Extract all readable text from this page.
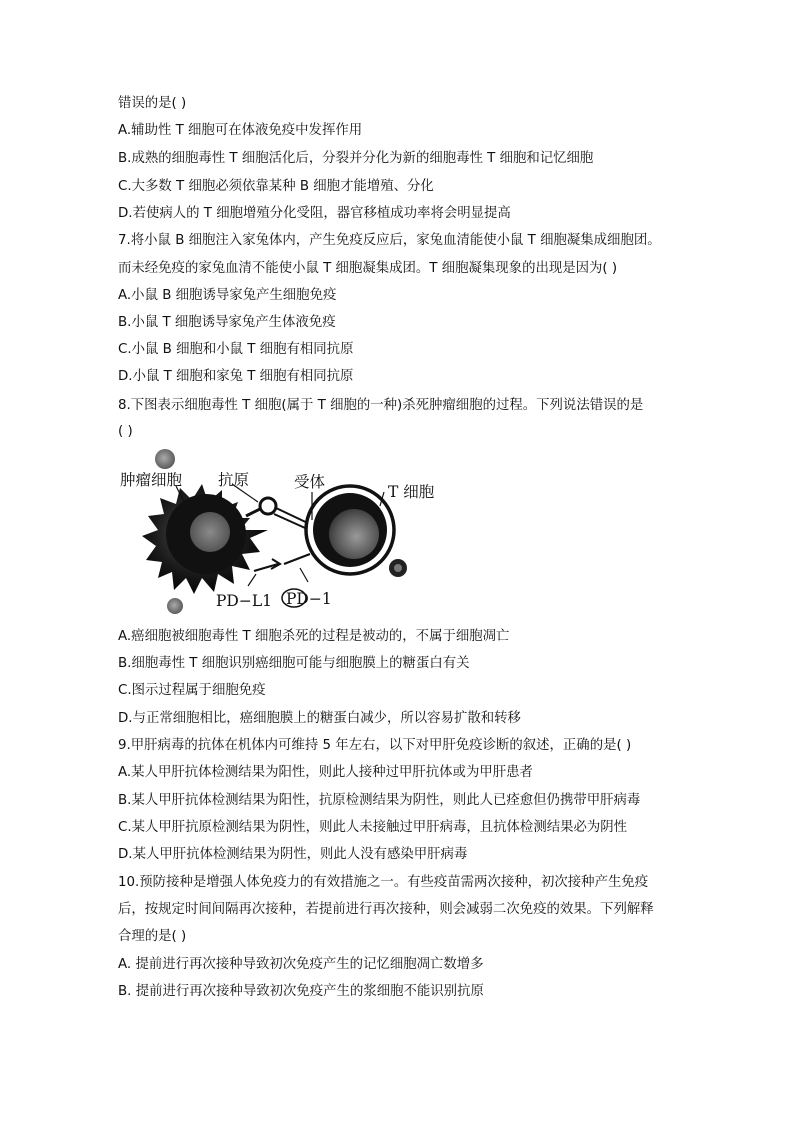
错误的是( )
A.辅助性 T 细胞可在体液免疫中发挥作用
B.成熟的细胞毒性 T 细胞活化后，分裂并分化为新的细胞毒性 T 细胞和记忆细胞
C.大多数 T 细胞必须依靠某种 B 细胞才能增殖、分化
D.若使病人的 T 细胞增殖分化受阻，器官移植成功率将会明显提高
7.将小鼠 B 细胞注入家兔体内，产生免疫反应后，家兔血清能使小鼠 T 细胞凝集成细胞团。
而未经免疫的家兔血清不能使小鼠 T 细胞凝集成团。T 细胞凝集现象的出现是因为( )
A.小鼠 B 细胞诱导家兔产生细胞免疫
B.小鼠 T 细胞诱导家兔产生体液免疫
C.小鼠 B 细胞和小鼠 T 细胞有相同抗原
D.小鼠 T 细胞和家兔 T 细胞有相同抗原
8.下图表示细胞毒性 T 细胞(属于 T 细胞的一种)杀死肿瘤细胞的过程。下列说法错误的是
( )
肿瘤细胞 抗原	受体
T 细胞
PD−L1 PD−1
A.癌细胞被细胞毒性 T 细胞杀死的过程是被动的，不属于细胞凋亡
B.细胞毒性 T 细胞识别癌细胞可能与细胞膜上的糖蛋白有关
C.图示过程属于细胞免疫
D.与正常细胞相比，癌细胞膜上的糖蛋白减少，所以容易扩散和转移
9.甲肝病毒的抗体在机体内可维持 5 年左右，以下对甲肝免疫诊断的叙述，正确的是( )
A.某人甲肝抗体检测结果为阳性，则此人接种过甲肝抗体或为甲肝患者
B.某人甲肝抗体检测结果为阳性，抗原检测结果为阴性，则此人已痊愈但仍携带甲肝病毒
C.某人甲肝抗原检测结果为阴性，则此人未接触过甲肝病毒，且抗体检测结果必为阴性
D.某人甲肝抗体检测结果为阴性，则此人没有感染甲肝病毒
10.预防接种是增强人体免疫力的有效措施之一。有些疫苗需两次接种，初次接种产生免疫
后，按规定时间间隔再次接种，若提前进行再次接种，则会减弱二次免疫的效果。下列解释
合理的是( )
A. 提前进行再次接种导致初次免疫产生的记忆细胞凋亡数增多
B. 提前进行再次接种导致初次免疫产生的浆细胞不能识别抗原
